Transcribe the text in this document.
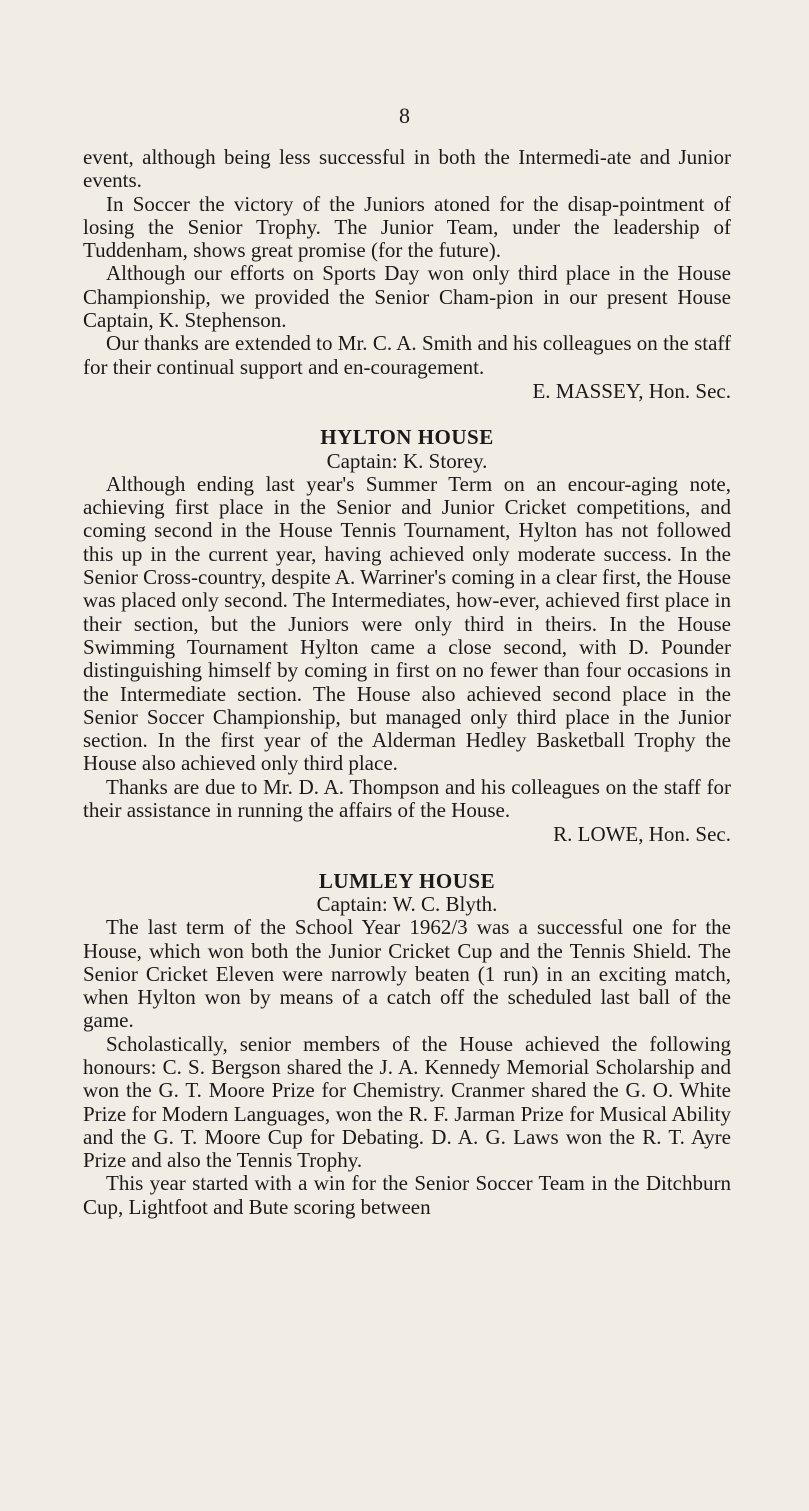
8

event, although being less successful in both the Intermedi-ate and Junior events.

In Soccer the victory of the Juniors atoned for the disap-pointment of losing the Senior Trophy. The Junior Team, under the leadership of Tuddenham, shows great promise (for the future).

Although our efforts on Sports Day won only third place in the House Championship, we provided the Senior Cham-pion in our present House Captain, K. Stephenson.

Our thanks are extended to Mr. C. A. Smith and his colleagues on the staff for their continual support and en-couragement.

E. MASSEY, Hon. Sec.

HYLTON HOUSE

Captain: K. Storey.

Although ending last year's Summer Term on an encour-aging note, achieving first place in the Senior and Junior Cricket competitions, and coming second in the House Tennis Tournament, Hylton has not followed this up in the current year, having achieved only moderate success. In the Senior Cross-country, despite A. Warriner's coming in a clear first, the House was placed only second. The Intermediates, how-ever, achieved first place in their section, but the Juniors were only third in theirs. In the House Swimming Tournament Hylton came a close second, with D. Pounder distinguishing himself by coming in first on no fewer than four occasions in the Intermediate section. The House also achieved second place in the Senior Soccer Championship, but managed only third place in the Junior section. In the first year of the Alderman Hedley Basketball Trophy the House also achieved only third place.

Thanks are due to Mr. D. A. Thompson and his colleagues on the staff for their assistance in running the affairs of the House.

R. LOWE, Hon. Sec.

LUMLEY HOUSE

Captain: W. C. Blyth.

The last term of the School Year 1962/3 was a successful one for the House, which won both the Junior Cricket Cup and the Tennis Shield. The Senior Cricket Eleven were narrowly beaten (1 run) in an exciting match, when Hylton won by means of a catch off the scheduled last ball of the game.

Scholastically, senior members of the House achieved the following honours: C. S. Bergson shared the J. A. Kennedy Memorial Scholarship and won the G. T. Moore Prize for Chemistry. Cranmer shared the G. O. White Prize for Modern Languages, won the R. F. Jarman Prize for Musical Ability and the G. T. Moore Cup for Debating. D. A. G. Laws won the R. T. Ayre Prize and also the Tennis Trophy.

This year started with a win for the Senior Soccer Team in the Ditchburn Cup, Lightfoot and Bute scoring between
